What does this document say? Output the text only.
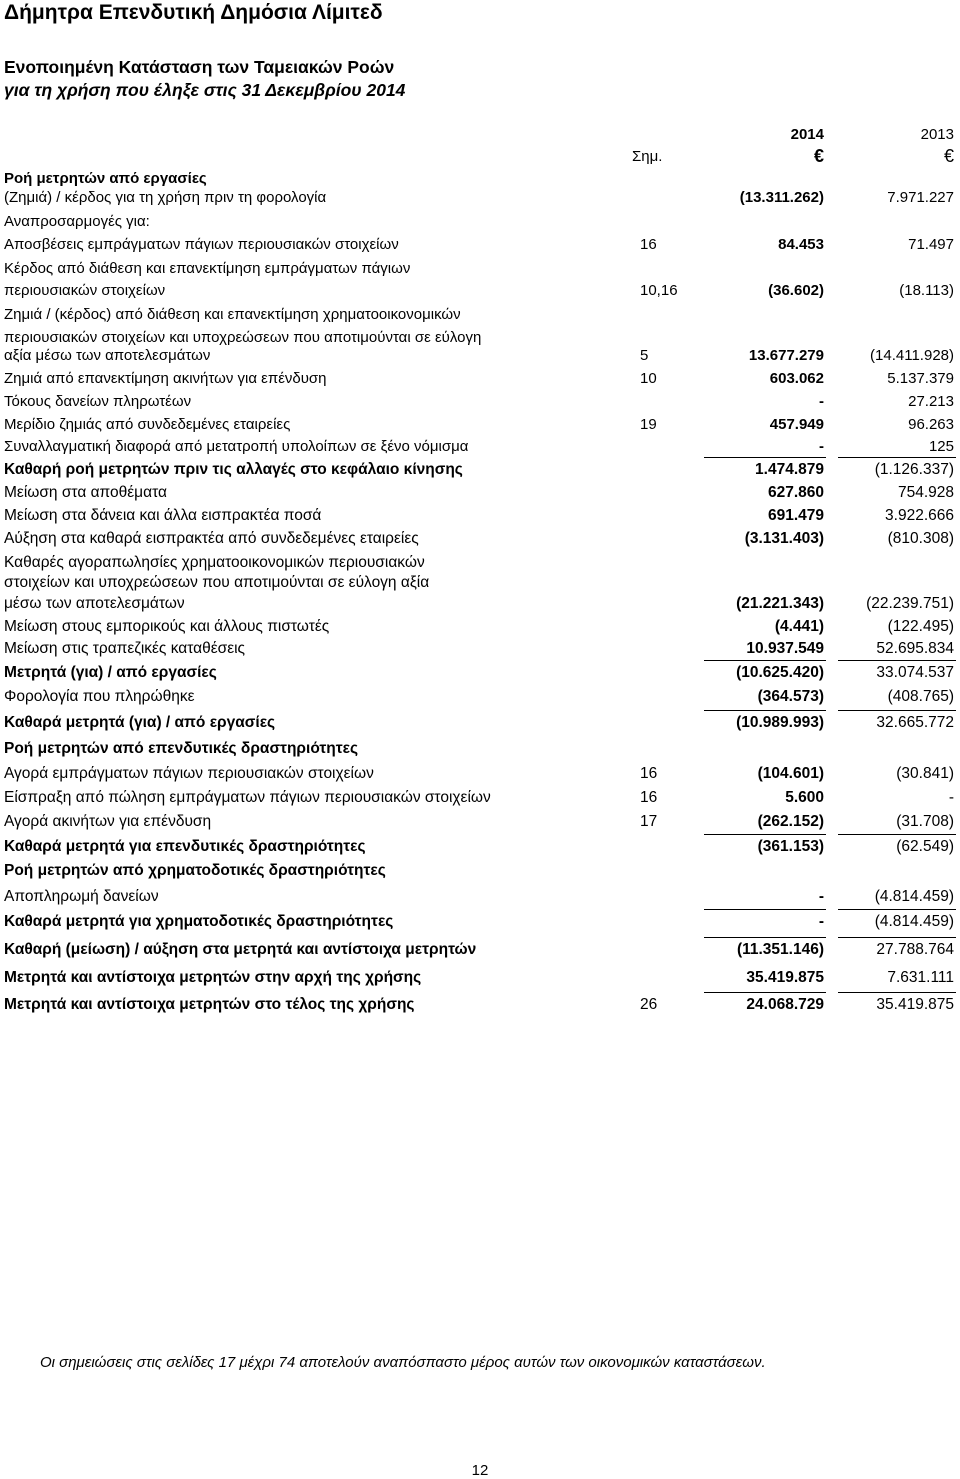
Δήμητρα Επενδυτική Δημόσια Λίμιτεδ
Ενοποιημένη Κατάσταση των Ταμειακών Ροών
για τη χρήση που έληξε στις 31 Δεκεμβρίου 2014
Σημ.
2014	2013
€	€
Ροή μετρητών από εργασίες
(Ζημιά) / κέρδος για τη χρήση πριν τη φορολογία	(13.311.262)	7.971.227
Αναπροσαρμογές για:
Αποσβέσεις εμπράγματων πάγιων περιουσιακών στοιχείων	16	84.453	71.497
Κέρδος από διάθεση και επανεκτίμηση εμπράγματων πάγιων
περιουσιακών στοιχείων	10,16	(36.602)	(18.113)
Ζημιά / (κέρδος) από διάθεση και επανεκτίμηση χρηματοοικονομικών
περιουσιακών στοιχείων και υποχρεώσεων που αποτιμούνται σε εύλογη
αξία μέσω των αποτελεσμάτων	5	13.677.279	(14.411.928)
Ζημιά από επανεκτίμηση ακινήτων για επένδυση	10	603.062	5.137.379
Τόκους δανείων πληρωτέων	-	27.213
Μερίδιο ζημιάς από συνδεδεμένες εταιρείες	19	457.949	96.263
Συναλλαγματική διαφορά από μετατροπή υπολοίπων σε ξένο νόμισμα	-	125
Καθαρή ροή μετρητών πριν τις αλλαγές στο κεφάλαιο κίνησης	1.474.879	(1.126.337)
Μείωση στα αποθέματα	627.860	754.928
Μείωση στα δάνεια και άλλα εισπρακτέα ποσά	691.479	3.922.666
Αύξηση στα καθαρά εισπρακτέα από συνδεδεμένες εταιρείες	(3.131.403)	(810.308)
Καθαρές αγοραπωλησίες χρηματοοικονομικών περιουσιακών
στοιχείων και υποχρεώσεων που αποτιμούνται σε εύλογη αξία
μέσω των αποτελεσμάτων	(21.221.343)	(22.239.751)
Μείωση στους εμπορικούς και άλλους πιστωτές	(4.441)	(122.495)
Μείωση στις τραπεζικές καταθέσεις	10.937.549	52.695.834
Μετρητά (για) / από εργασίες	(10.625.420)	33.074.537
Φορολογία που πληρώθηκε	(364.573)	(408.765)
Καθαρά μετρητά (για) / από εργασίες	(10.989.993)	32.665.772
Ροή μετρητών από επενδυτικές δραστηριότητες
Αγορά εμπράγματων πάγιων περιουσιακών στοιχείων	16	(104.601)	(30.841)
Είσπραξη από πώληση εμπράγματων πάγιων περιουσιακών στοιχείων	16	5.600	-
Αγορά ακινήτων για επένδυση	17	(262.152)	(31.708)
Καθαρά μετρητά για επενδυτικές δραστηριότητες	(361.153)	(62.549)
Ροή μετρητών από χρηματοδοτικές δραστηριότητες
Αποπληρωμή δανείων	-	(4.814.459)
Καθαρά μετρητά για χρηματοδοτικές δραστηριότητες	-	(4.814.459)
Καθαρή (μείωση) / αύξηση στα μετρητά και αντίστοιχα μετρητών	(11.351.146)	27.788.764
Μετρητά και αντίστοιχα μετρητών στην αρχή της χρήσης	35.419.875	7.631.111
Μετρητά και αντίστοιχα μετρητών στο τέλος της χρήσης	26	24.068.729	35.419.875
Οι σημειώσεις στις σελίδες 17 μέχρι 74 αποτελούν αναπόσπαστο μέρος αυτών των οικονομικών καταστάσεων.
12
